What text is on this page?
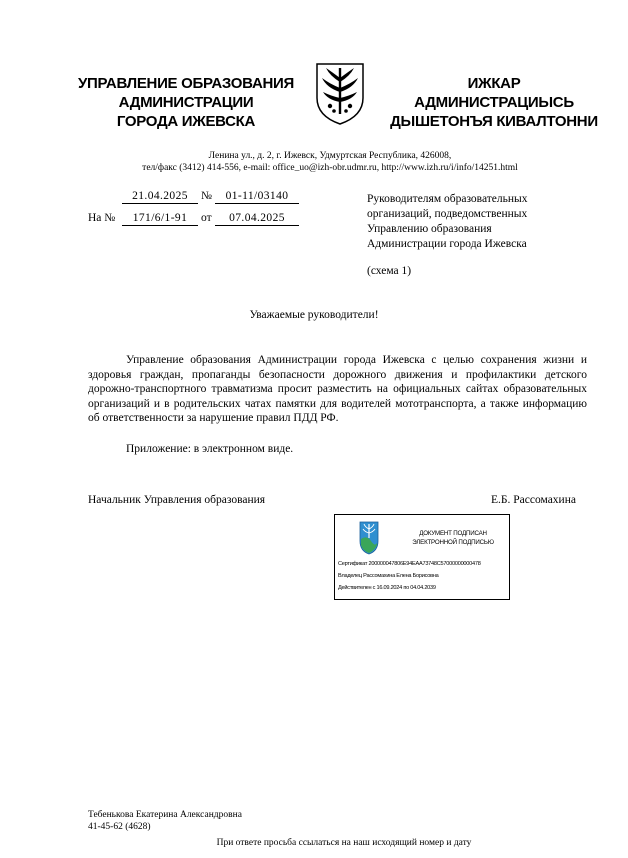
УПРАВЛЕНИЕ ОБРАЗОВАНИЯ
АДМИНИСТРАЦИИ
ГОРОДА ИЖЕВСКА
ИЖКАР
АДМИНИСТРАЦИЫСЬ
ДЫШЕТОНЪЯ КИВАЛТОННИ
Ленина ул., д. 2, г. Ижевск, Удмуртская Республика, 426008,
тел/факс (3412) 414-556, e-mail: office_uo@izh-obr.udmr.ru, http://www.izh.ru/i/info/14251.html
21.04.2025	№	01-11/03140
На №	171/6/1-91	от	07.04.2025
Руководителям образовательных
организаций, подведомственных
Управлению образования
Администрации города Ижевска
(схема 1)
Уважаемые руководители!

Управление образования Администрации города Ижевска с целью сохранения жизни и здоровья граждан, пропаганды безопасности дорожного движения и профилактики детского дорожно-транспортного травматизма просит разместить на официальных сайтах образовательных организаций и в родительских чатах памятки для водителей мототранспорта, а также информацию об ответственности за нарушение правил ПДД РФ.

Приложение: в электронном виде.
Начальник Управления образования	Е.Б. Рассомахина
ДОКУМЕНТ ПОДПИСАН
ЭЛЕКТРОННОЙ ПОДПИСЬЮ
Сертификат 200000047806E94EAA73748C57000000000478
Владелец Рассомахина Елена Борисовна
Действителен с 16.09.2024 по 04.04.2039
Тебенькова Екатерина Александровна
41-45-62 (4628)
При ответе просьба ссылаться на наш исходящий номер и дату
